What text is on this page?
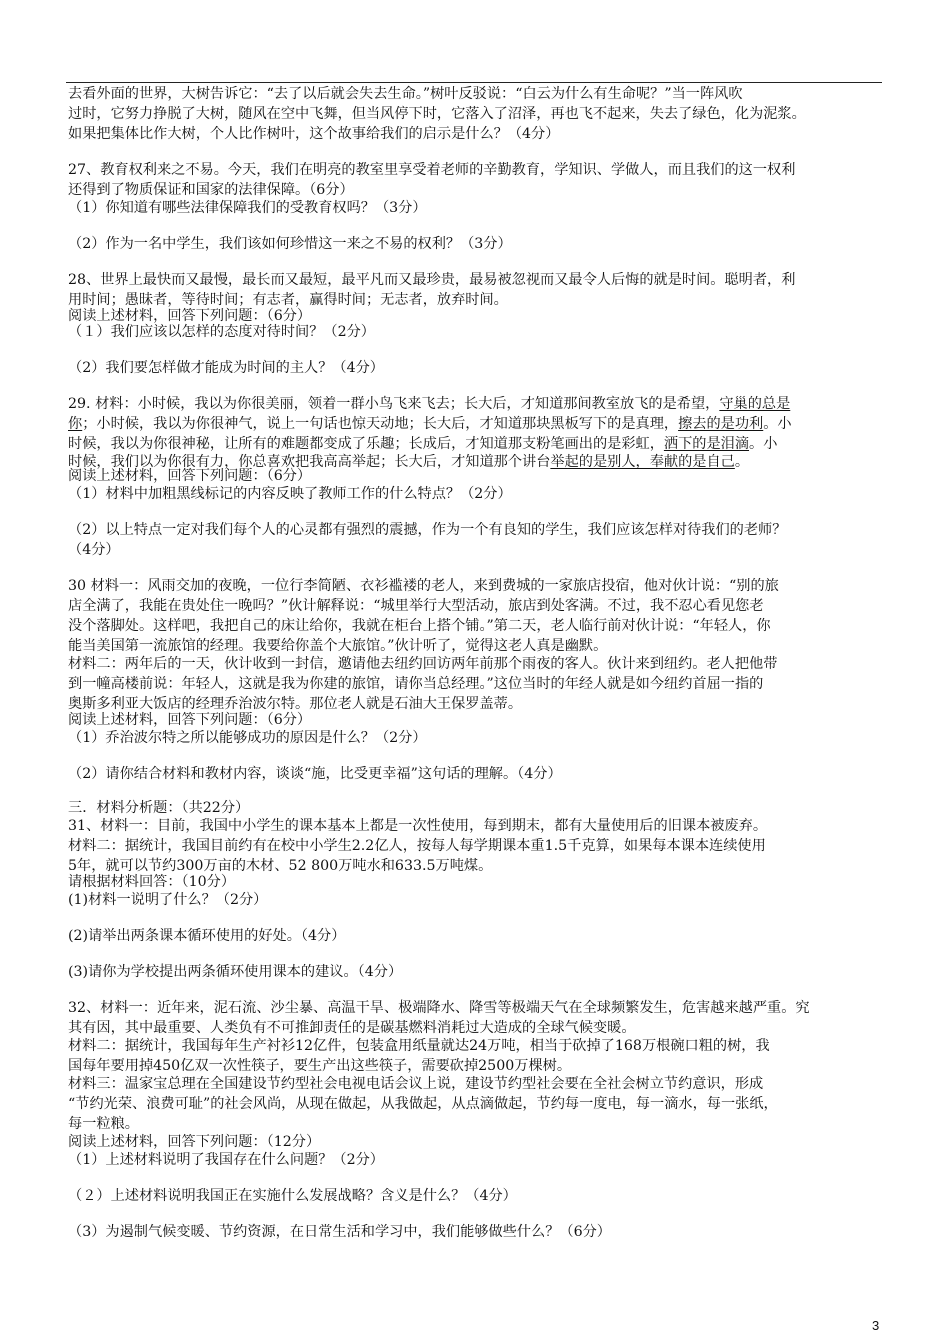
去看外面的世界，大树告诉它：“去了以后就会失去生命。”树叶反驳说：“白云为什么有生命呢？”当一阵风吹
过时，它努力挣脱了大树，随风在空中飞舞，但当风停下时，它落入了沼泽，再也飞不起来，失去了绿色，化为泥浆。
如果把集体比作大树，个人比作树叶，这个故事给我们的启示是什么？（4分）
27、教育权利来之不易。今天，我们在明亮的教室里享受着老师的辛勤教育，学知识、学做人，而且我们的这一权利
还得到了物质保证和国家的法律保障。（6分）
（1）你知道有哪些法律保障我们的受教育权吗？（3分）
（2）作为一名中学生，我们该如何珍惜这一来之不易的权利？（3分）
28、世界上最快而又最慢，最长而又最短，最平凡而又最珍贵，最易被忽视而又最令人后悔的就是时间。聪明者，利
用时间；愚昧者，等待时间；有志者，赢得时间；无志者，放弃时间。
阅读上述材料，回答下列问题：（6分）
（１）我们应该以怎样的态度对待时间？（2分）
（2）我们要怎样做才能成为时间的主人？（4分）
29. 材料：小时候，我以为你很美丽，领着一群小鸟飞来飞去；长大后，才知道那间教室放飞的是希望，守巢的总是
你；小时候，我以为你很神气，说上一句话也惊天动地；长大后，才知道那块黑板写下的是真理，擦去的是功利。小
时候，我以为你很神秘，让所有的难题都变成了乐趣；长成后，才知道那支粉笔画出的是彩虹，洒下的是泪滴。小
时候，我们以为你很有力，你总喜欢把我高高举起；长大后，才知道那个讲台举起的是别人，奉献的是自己。
阅读上述材料，回答下列问题：（6分）
（1）材料中加粗黑线标记的内容反映了教师工作的什么特点？（2分）
（2）以上特点一定对我们每个人的心灵都有强烈的震撼，作为一个有良知的学生，我们应该怎样对待我们的老师？
（4分）
30 材料一：风雨交加的夜晚，一位行李简陋、衣衫褴褛的老人，来到费城的一家旅店投宿，他对伙计说：“别的旅
店全满了，我能在贵处住一晚吗？”伙计解释说：“城里举行大型活动，旅店到处客满。不过，我不忍心看见您老
没个落脚处。这样吧，我把自己的床让给你，我就在柜台上搭个铺。”第二天，老人临行前对伙计说：“年轻人，你
能当美国第一流旅馆的经理。我要给你盖个大旅馆。”伙计听了，觉得这老人真是幽默。
材料二：两年后的一天，伙计收到一封信，邀请他去纽约回访两年前那个雨夜的客人。伙计来到纽约。老人把他带
到一幢高楼前说：年轻人，这就是我为你建的旅馆，请你当总经理。”这位当时的年经人就是如今纽约首屈一指的
奥斯多利亚大饭店的经理乔治波尔特。那位老人就是石油大王保罗盖蒂。
阅读上述材料，回答下列问题：（6分）
（1）乔治波尔特之所以能够成功的原因是什么？（2分）
（2）请你结合材料和教材内容，谈谈“施，比受更幸福”这句话的理解。（4分）
三．材料分析题：（共22分）
31、材料一：目前，我国中小学生的课本基本上都是一次性使用，每到期末，都有大量使用后的旧课本被废弃。
材料二：据统计，我国目前约有在校中小学生2.2亿人，按每人每学期课本重1.5千克算，如果每本课本连续使用
5年，就可以节约300万亩的木材、52 800万吨水和633.5万吨煤。
请根据材料回答：（10分）
(1)材料一说明了什么？（2分）
(2)请举出两条课本循环使用的好处。（4分）
(3)请你为学校提出两条循环使用课本的建议。（4分）
32、材料一：近年来，泥石流、沙尘暴、高温干旱、极端降水、降雪等极端天气在全球频繁发生，危害越来越严重。究
其有因，其中最重要、人类负有不可推卸责任的是碳基燃料消耗过大造成的全球气候变暖。
材料二：据统计，我国每年生产衬衫12亿件，包装盒用纸量就达24万吨，相当于砍掉了168万根碗口粗的树，我
国每年要用掉450亿双一次性筷子，要生产出这些筷子，需要砍掉2500万棵树。
材料三：温家宝总理在全国建设节约型社会电视电话会议上说，建设节约型社会要在全社会树立节约意识，形成
“节约光荣、浪费可耻”的社会风尚，从现在做起，从我做起，从点滴做起，节约每一度电，每一滴水，每一张纸，
每一粒粮。
阅读上述材料，回答下列问题：（12分）
（1）上述材料说明了我国存在什么问题？（2分）
（２）上述材料说明我国正在实施什么发展战略？含义是什么？（4分）
（3）为遏制气候变暖、节约资源，在日常生活和学习中，我们能够做些什么？（6分）
3
